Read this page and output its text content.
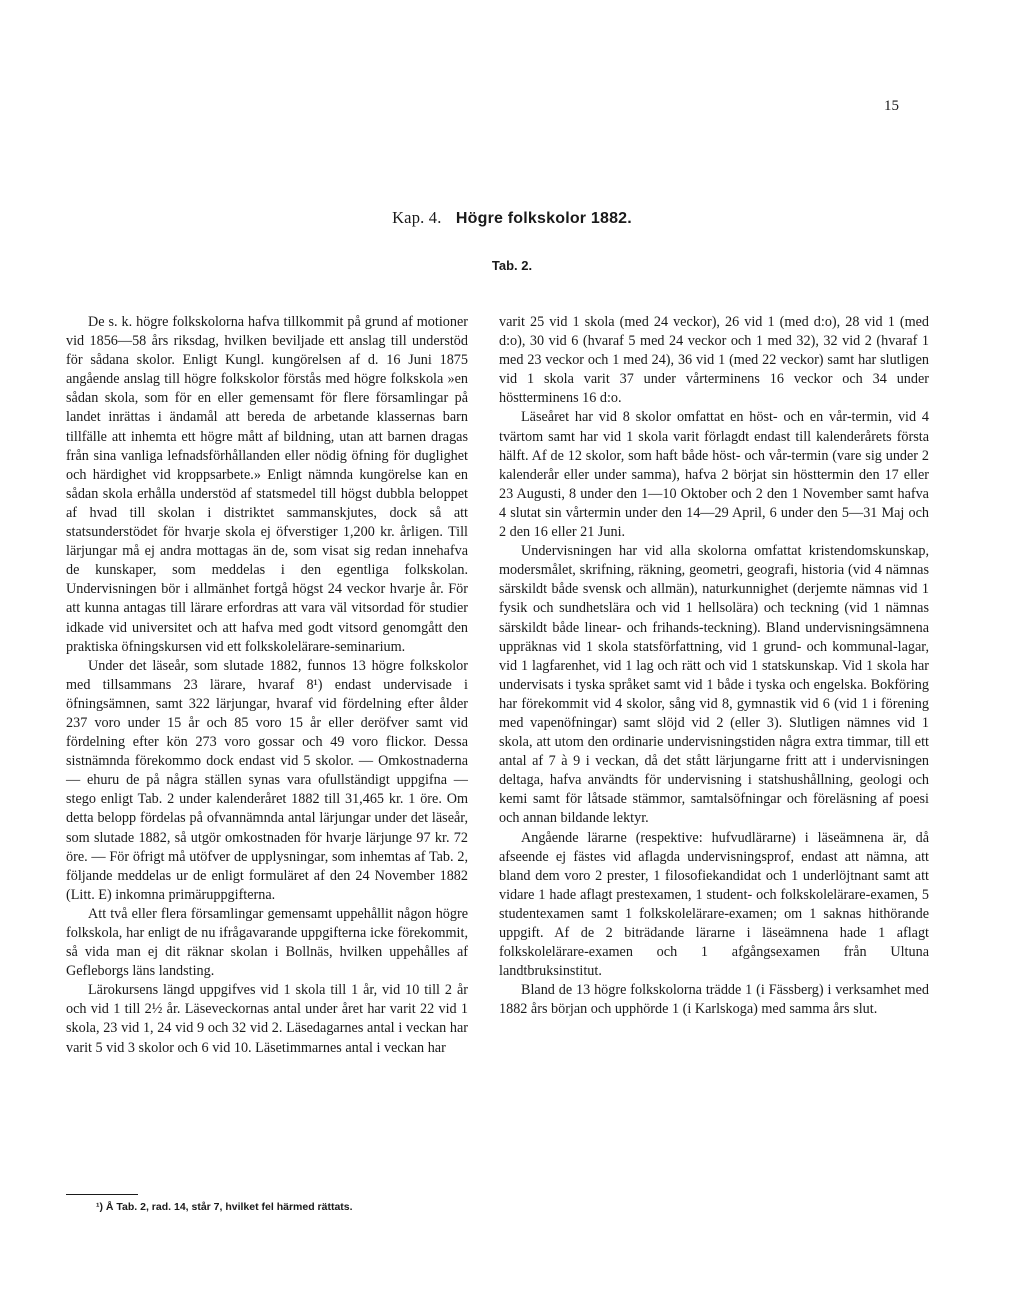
15
Kap. 4. Högre folkskolor 1882.
Tab. 2.

De s. k. högre folkskolorna hafva tillkommit på grund af motioner vid 1856—58 års riksdag, hvilken beviljade ett anslag till understöd för sådana skolor. Enligt Kungl. kungörelsen af d. 16 Juni 1875 angående anslag till högre folkskolor förstås med högre folkskola »en sådan skola, som för en eller gemensamt för flere församlingar på landet inrättas i ändamål att bereda de arbetande klassernas barn tillfälle att inhemta ett högre mått af bildning, utan att barnen dragas från sina vanliga lefnadsförhållanden eller nödig öfning för duglighet och härdighet vid kroppsarbete.» Enligt nämnda kungörelse kan en sådan skola erhålla understöd af statsmedel till högst dubbla beloppet af hvad till skolan i distriktet sammanskjutes, dock så att statsunderstödet för hvarje skola ej öfverstiger 1,200 kr. årligen. Till lärjungar må ej andra mottagas än de, som visat sig redan innehafva de kunskaper, som meddelas i den egentliga folkskolan. Undervisningen bör i allmänhet fortgå högst 24 veckor hvarje år. För att kunna antagas till lärare erfordras att vara väl vitsordad för studier idkade vid universitet och att hafva med godt vitsord genomgått den praktiska öfningskursen vid ett folkskolelärare-seminarium.

Under det läseår, som slutade 1882, funnos 13 högre folkskolor med tillsammans 23 lärare, hvaraf 8¹) endast undervisade i öfningsämnen, samt 322 lärjungar, hvaraf vid fördelning efter ålder 237 voro under 15 år och 85 voro 15 år eller deröfver samt vid fördelning efter kön 273 voro gossar och 49 voro flickor. Dessa sistnämnda förekommo dock endast vid 5 skolor. — Omkostnaderna — ehuru de på några ställen synas vara ofullständigt uppgifna — stego enligt Tab. 2 under kalenderåret 1882 till 31,465 kr. 1 öre. Om detta belopp fördelas på ofvannämnda antal lärjungar under det läseår, som slutade 1882, så utgör omkostnaden för hvarje lärjunge 97 kr. 72 öre. — För öfrigt må utöfver de upplysningar, som inhemtas af Tab. 2, följande meddelas ur de enligt formuläret af den 24 November 1882 (Litt. E) inkomna primäruppgifterna.

Att två eller flera församlingar gemensamt uppehållit någon högre folkskola, har enligt de nu ifrågavarande uppgifterna icke förekommit, så vida man ej dit räknar skolan i Bollnäs, hvilken uppehålles af Gefleborgs läns landsting.

Lärokursens längd uppgifves vid 1 skola till 1 år, vid 10 till 2 år och vid 1 till 2½ år. Läseveckornas antal under året har varit 22 vid 1 skola, 23 vid 1, 24 vid 9 och 32 vid 2. Läsedagarnes antal i veckan har varit 5 vid 3 skolor och 6 vid 10. Läsetimmarnes antal i veckan har

¹) Å Tab. 2, rad. 14, står 7, hvilket fel härmed rättats.

varit 25 vid 1 skola (med 24 veckor), 26 vid 1 (med d:o), 28 vid 1 (med d:o), 30 vid 6 (hvaraf 5 med 24 veckor och 1 med 32), 32 vid 2 (hvaraf 1 med 23 veckor och 1 med 24), 36 vid 1 (med 22 veckor) samt har slutligen vid 1 skola varit 37 under vårterminens 16 veckor och 34 under höstterminens 16 d:o.

Läseåret har vid 8 skolor omfattat en höst- och en vår-termin, vid 4 tvärtom samt har vid 1 skola varit förlagdt endast till kalenderårets första hälft. Af de 12 skolor, som haft både höst- och vår-termin (vare sig under 2 kalenderår eller under samma), hafva 2 börjat sin hösttermin den 17 eller 23 Augusti, 8 under den 1—10 Oktober och 2 den 1 November samt hafva 4 slutat sin vårtermin under den 14—29 April, 6 under den 5—31 Maj och 2 den 16 eller 21 Juni.

Undervisningen har vid alla skolorna omfattat kristendomskunskap, modersmålet, skrifning, räkning, geometri, geografi, historia (vid 4 nämnas särskildt både svensk och allmän), naturkunnighet (derjemte nämnas vid 1 fysik och sundhetslära och vid 1 hellsolära) och teckning (vid 1 nämnas särskildt både linear- och frihands-teckning). Bland undervisningsämnena uppräknas vid 1 skola statsförfattning, vid 1 grund- och kommunal-lagar, vid 1 lagfarenhet, vid 1 lag och rätt och vid 1 statskunskap. Vid 1 skola har undervisats i tyska språket samt vid 1 både i tyska och engelska. Bokföring har förekommit vid 4 skolor, sång vid 8, gymnastik vid 6 (vid 1 i förening med vapenöfningar) samt slöjd vid 2 (eller 3). Slutligen nämnes vid 1 skola, att utom den ordinarie undervisningstiden några extra timmar, till ett antal af 7 à 9 i veckan, då det stått lärjungarne fritt att i undervisningen deltaga, hafva användts för undervisning i statshushållning, geologi och kemi samt för låtsade stämmor, samtalsöfningar och föreläsning af poesi och annan bildande lektyr.

Angående lärarne (respektive: hufvudlärarne) i läseämnena är, då afseende ej fästes vid aflagda undervisningsprof, endast att nämna, att bland dem voro 2 prester, 1 filosofiekandidat och 1 underlöjtnant samt att vidare 1 hade aflagt prestexamen, 1 student- och folkskolelärare-examen, 5 studentexamen samt 1 folkskolelärare-examen; om 1 saknas hithörande uppgift. Af de 2 biträdande lärarne i läseämnena hade 1 aflagt folkskolelärare-examen och 1 afgångsexamen från Ultuna landtbruksinstitut.

Bland de 13 högre folkskolorna trädde 1 (i Fässberg) i verksamhet med 1882 års början och upphörde 1 (i Karlskoga) med samma års slut.
